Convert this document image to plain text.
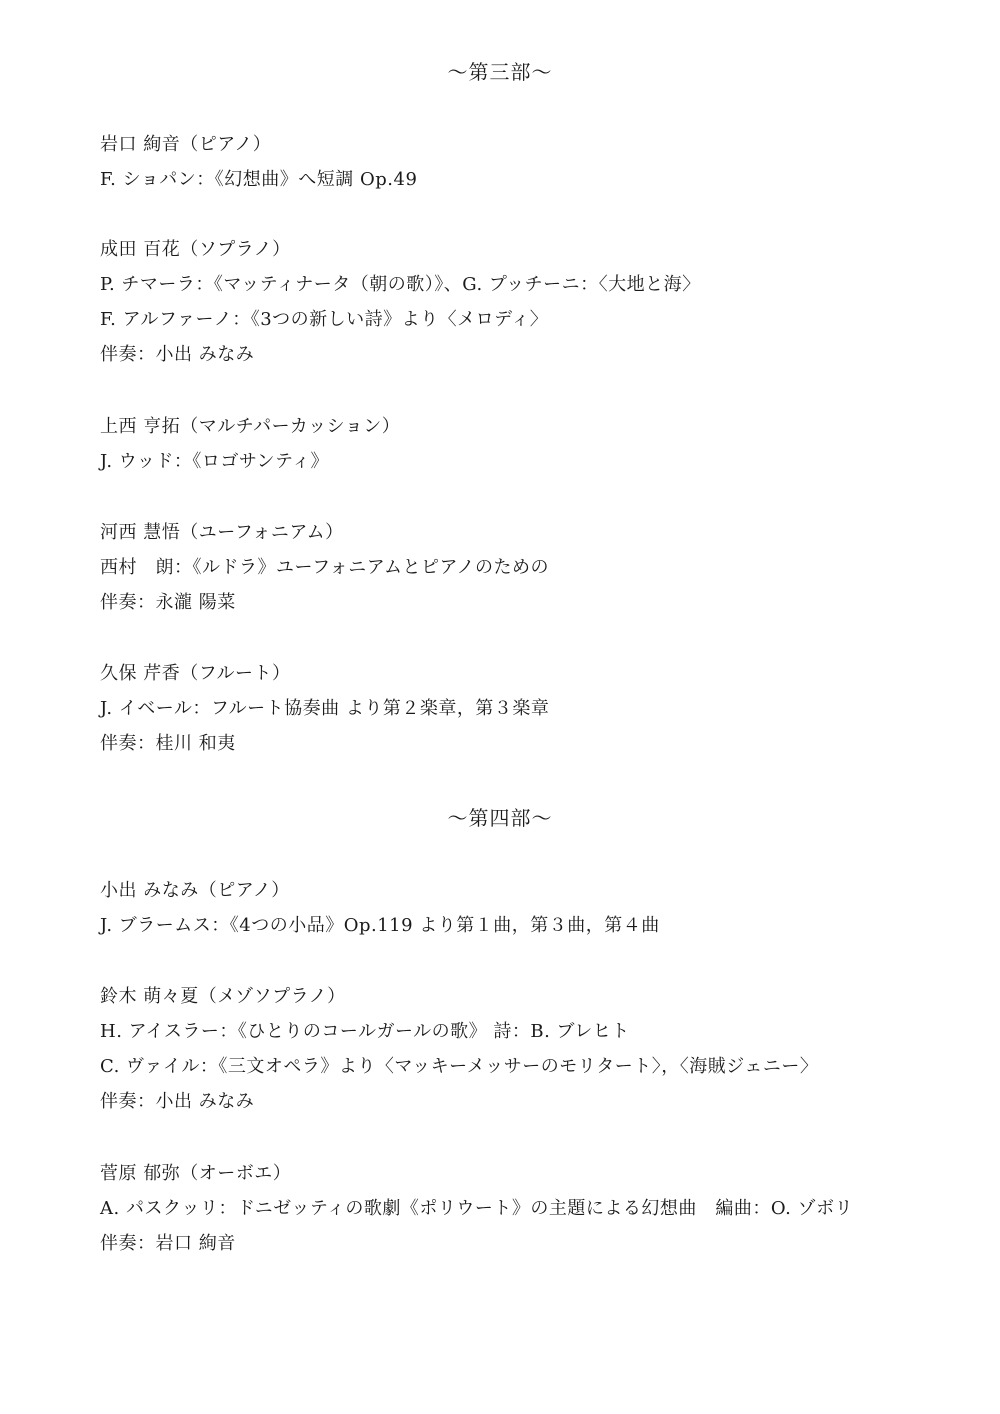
〜第三部〜
岩口 絢音（ピアノ）
F. ショパン：《幻想曲》へ短調 Op.49
成田 百花（ソプラノ）
P. チマーラ：《マッティナータ（朝の歌）》、G. プッチーニ：〈大地と海〉
F. アルファーノ：《3つの新しい詩》より〈メロディ〉
伴奏：小出 みなみ
上西 亨拓（マルチパーカッション）
J. ウッド：《ロゴサンティ》
河西 慧悟（ユーフォニアム）
西村　朗：《ルドラ》ユーフォニアムとピアノのための
伴奏：永瀧 陽菜
久保 芹香（フルート）
J. イベール：フルート協奏曲 より第２楽章，第３楽章
伴奏：桂川 和夷
〜第四部〜
小出 みなみ（ピアノ）
J. ブラームス：《4つの小品》Op.119 より第１曲，第３曲，第４曲
鈴木 萌々夏（メゾソプラノ）
H. アイスラー：《ひとりのコールガールの歌》 詩：B. ブレヒト
C. ヴァイル：《三文オペラ》より〈マッキーメッサーのモリタート〉，〈海賊ジェニー〉
伴奏：小出 みなみ
菅原 郁弥（オーボエ）
A. パスクッリ：ドニゼッティの歌劇《ポリウート》の主題による幻想曲　編曲：O. ゾボリ
伴奏：岩口 絢音
